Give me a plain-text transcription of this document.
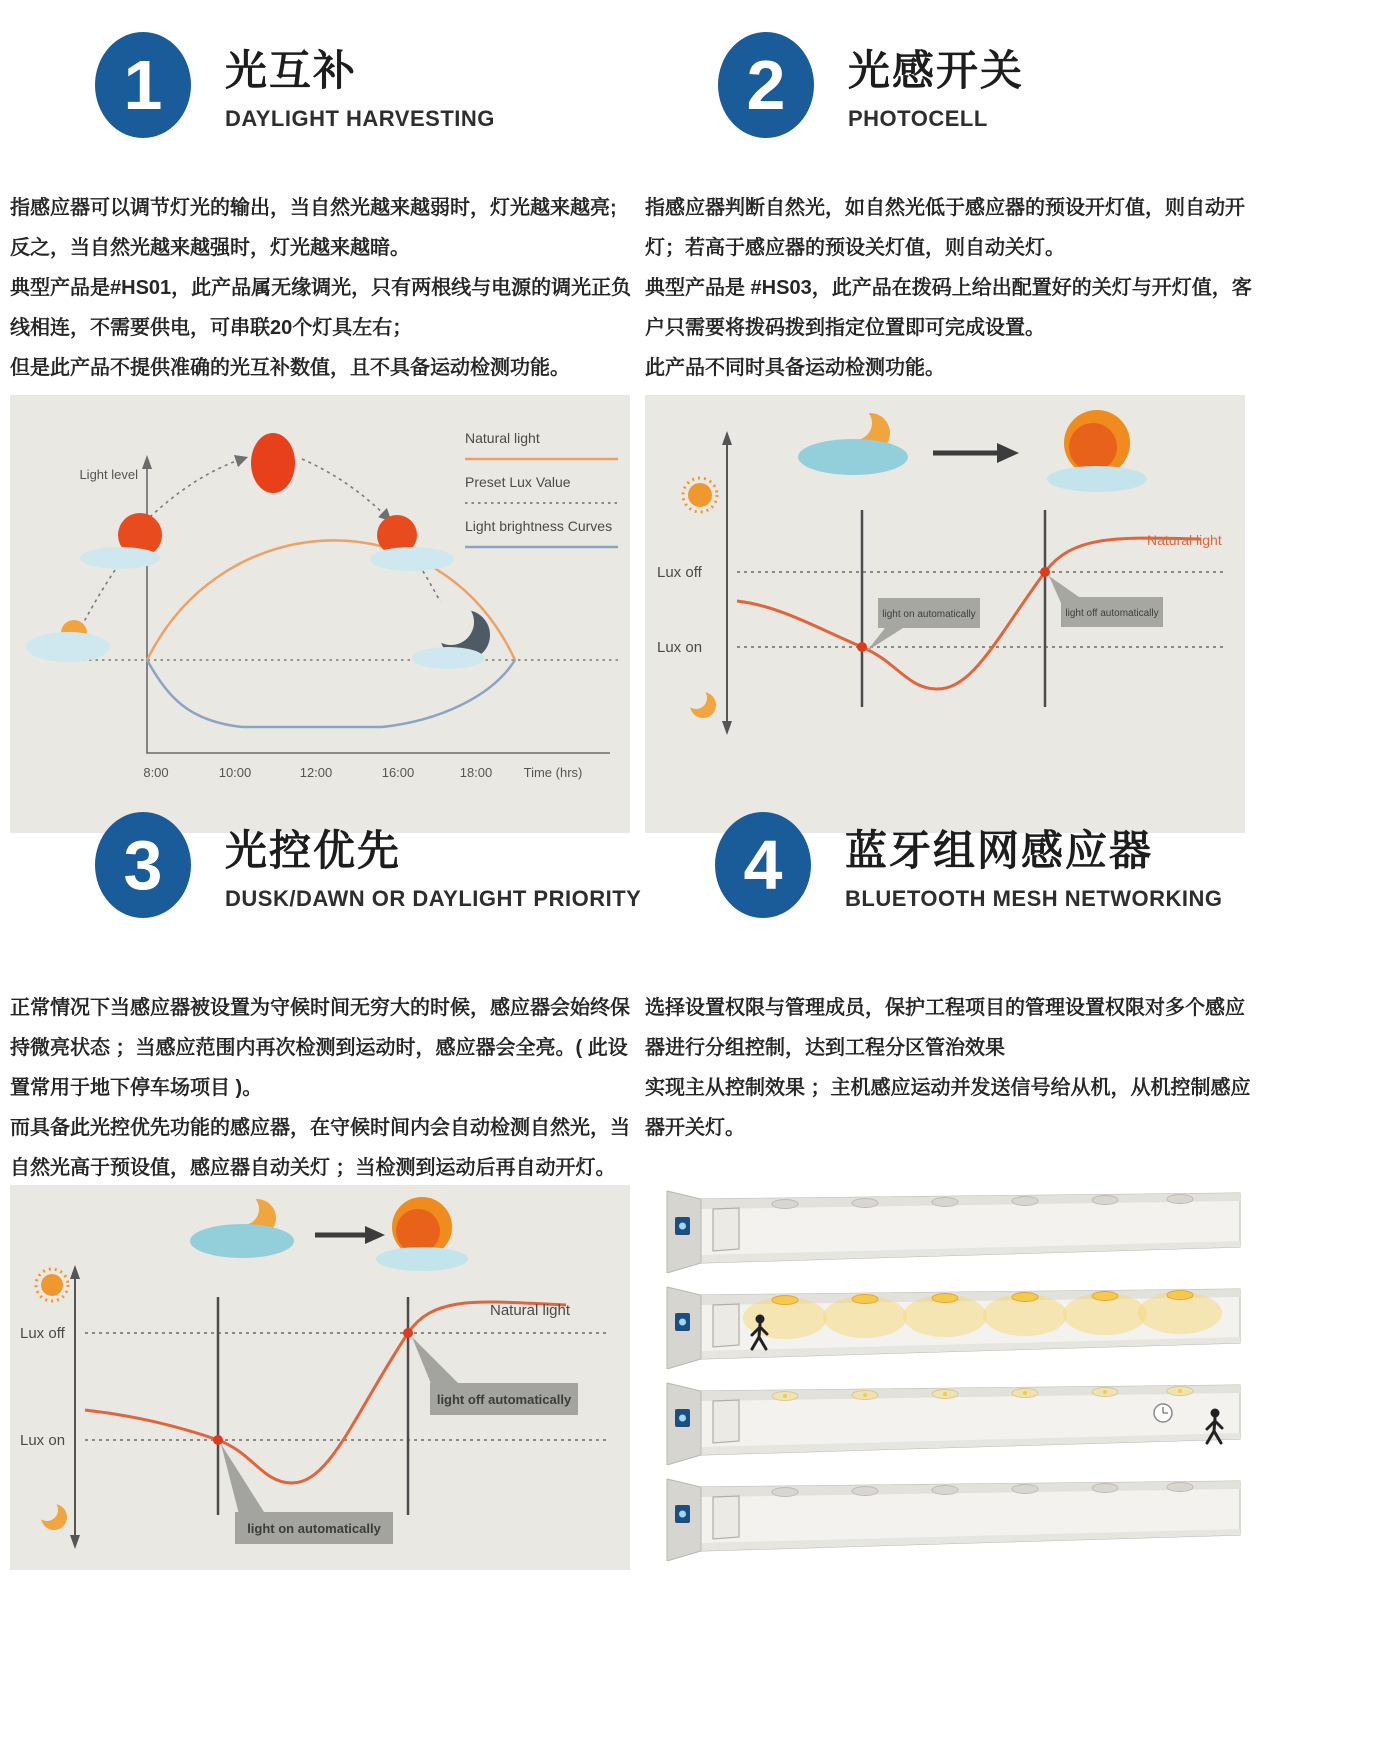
1	光互补
DAYLIGHT HARVESTING	2	光感开关
PHOTOCELL

指感应器可以调节灯光的输出，当自然光越来越弱时，灯光越来越亮;反之，当自然光越来越强时，灯光越来越暗。

典型产品是#HS01，此产品属无缘调光，只有两根线与电源的调光正负线相连，不需要供电，可串联20个灯具左右；

但是此产品不提供准确的光互补数值，且不具备运动检测功能。

指感应器判断自然光，如自然光低于感应器的预设开灯值，则自动开灯；若高于感应器的预设关灯值，则自动关灯。

典型产品是 #HS03，此产品在拨码上给出配置好的关灯与开灯值，客户只需要将拨码拨到指定位置即可完成设置。

此产品不同时具备运动检测功能。

Light level
Natural light
Preset Lux Value
Light brightness Curves
8:00	10:00	12:00	16:00	18:00 Time (hrs)
Lux off
Lux on
Natural light
light on automatically	light off automatically
3	光控优先
DUSK/DAWN OR DAYLIGHT PRIORITY	4	蓝牙组网感应器
BLUETOOTH MESH NETWORKING

正常情况下当感应器被设置为守候时间无穷大的时候，感应器会始终保持微亮状态 ；当感应范围内再次检测到运动时，感应器会全亮。( 此设置常用于地下停车场项目 )。

而具备此光控优先功能的感应器，在守候时间内会自动检测自然光，当自然光高于预设值，感应器自动关灯 ；当检测到运动后再自动开灯。

选择设置权限与管理成员，保护工程项目的管理设置权限对多个感应器进行分组控制，达到工程分区管治效果

实现主从控制效果 ；主机感应运动并发送信号给从机，从机控制感应器开关灯。

Lux off
Lux on
Natural light
light off automatically
light on automatically
